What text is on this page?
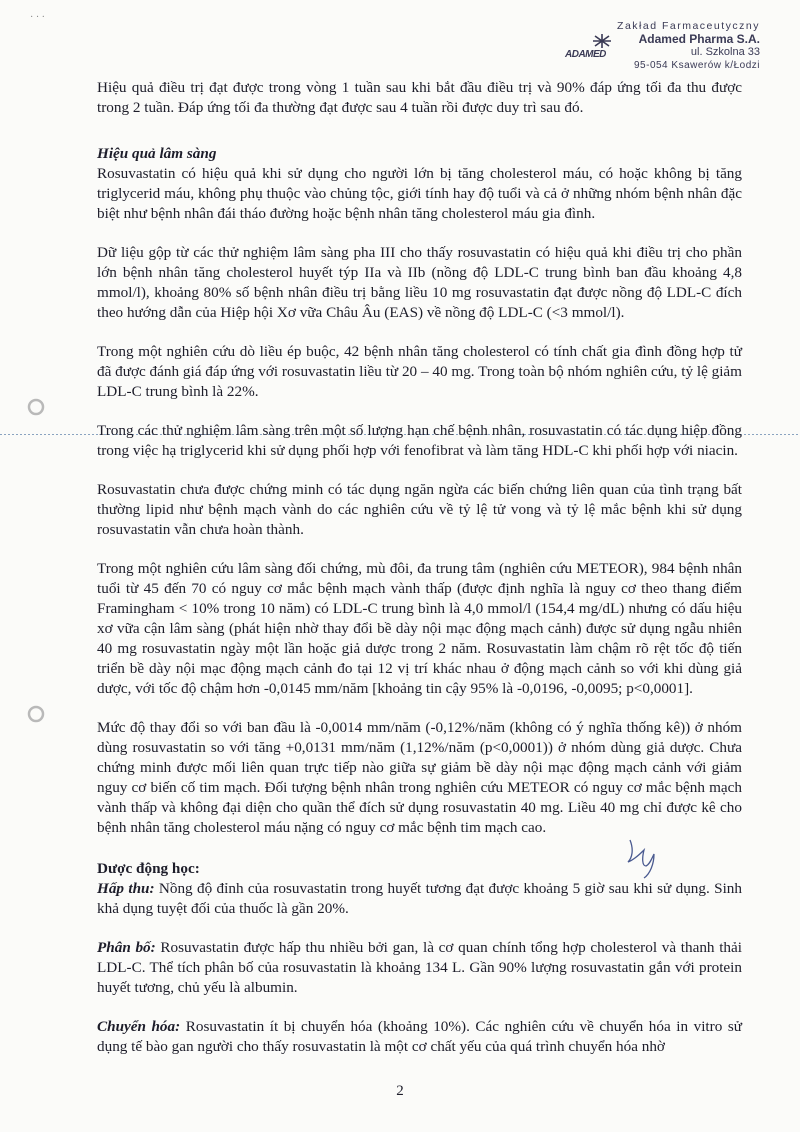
· · ·
ADAMED
Zakład Farmaceutyczny
Adamed Pharma S.A.
ul. Szkolna 33
95-054 Ksawerów k/Łodzi

Hiệu quả điều trị đạt được trong vòng 1 tuần sau khi bắt đầu điều trị và 90% đáp ứng tối đa thu được trong 2 tuần. Đáp ứng tối đa thường đạt được sau 4 tuần rồi được duy trì sau đó.

Hiệu quả lâm sàng

Rosuvastatin có hiệu quả khi sử dụng cho người lớn bị tăng cholesterol máu, có hoặc không bị tăng triglycerid máu, không phụ thuộc vào chủng tộc, giới tính hay độ tuổi và cả ở những nhóm bệnh nhân đặc biệt như bệnh nhân đái tháo đường hoặc bệnh nhân tăng cholesterol máu gia đình.

Dữ liệu gộp từ các thử nghiệm lâm sàng pha III cho thấy rosuvastatin có hiệu quả khi điều trị cho phần lớn bệnh nhân tăng cholesterol huyết týp IIa và IIb (nồng độ LDL-C trung bình ban đầu khoảng 4,8 mmol/l), khoảng 80% số bệnh nhân điều trị bằng liều 10 mg rosuvastatin đạt được nồng độ LDL-C đích theo hướng dẫn của Hiệp hội Xơ vữa Châu Âu (EAS) về nồng độ LDL-C (<3 mmol/l).

Trong một nghiên cứu dò liều ép buộc, 42 bệnh nhân tăng cholesterol có tính chất gia đình đồng hợp tử đã được đánh giá đáp ứng với rosuvastatin liều từ 20 – 40 mg. Trong toàn bộ nhóm nghiên cứu, tỷ lệ giảm LDL-C trung bình là 22%.

Trong các thử nghiệm lâm sàng trên một số lượng hạn chế bệnh nhân, rosuvastatin có tác dụng hiệp đồng trong việc hạ triglycerid khi sử dụng phối hợp với fenofibrat và làm tăng HDL-C khi phối hợp với niacin.

Rosuvastatin chưa được chứng minh có tác dụng ngăn ngừa các biến chứng liên quan của tình trạng bất thường lipid như bệnh mạch vành do các nghiên cứu về tỷ lệ tử vong và tỷ lệ mắc bệnh khi sử dụng rosuvastatin vẫn chưa hoàn thành.

Trong một nghiên cứu lâm sàng đối chứng, mù đôi, đa trung tâm (nghiên cứu METEOR), 984 bệnh nhân tuổi từ 45 đến 70 có nguy cơ mắc bệnh mạch vành thấp (được định nghĩa là nguy cơ theo thang điểm Framingham < 10% trong 10 năm) có LDL-C trung bình là 4,0 mmol/l (154,4 mg/dL) nhưng có dấu hiệu xơ vữa cận lâm sàng (phát hiện nhờ thay đổi bề dày nội mạc động mạch cảnh) được sử dụng ngẫu nhiên 40 mg rosuvastatin ngày một lần hoặc giả dược trong 2 năm. Rosuvastatin làm chậm rõ rệt tốc độ tiến triển bề dày nội mạc động mạch cảnh đo tại 12 vị trí khác nhau ở động mạch cảnh so với khi dùng giả dược, với tốc độ chậm hơn -0,0145 mm/năm [khoảng tin cậy 95% là -0,0196, -0,0095; p<0,0001].

Mức độ thay đổi so với ban đầu là -0,0014 mm/năm (-0,12%/năm (không có ý nghĩa thống kê)) ở nhóm dùng rosuvastatin so với tăng +0,0131 mm/năm (1,12%/năm (p<0,0001)) ở nhóm dùng giả dược. Chưa chứng minh được mối liên quan trực tiếp nào giữa sự giảm bề dày nội mạc động mạch cảnh với giảm nguy cơ biến cố tim mạch. Đối tượng bệnh nhân trong nghiên cứu METEOR có nguy cơ mắc bệnh mạch vành thấp và không đại diện cho quần thể đích sử dụng rosuvastatin 40 mg. Liều 40 mg chỉ được kê cho bệnh nhân tăng cholesterol máu nặng có nguy cơ mắc bệnh tim mạch cao.

Dược động học:

Hấp thu: Nồng độ đỉnh của rosuvastatin trong huyết tương đạt được khoảng 5 giờ sau khi sử dụng. Sinh khả dụng tuyệt đối của thuốc là gần 20%.

Phân bố: Rosuvastatin được hấp thu nhiều bởi gan, là cơ quan chính tổng hợp cholesterol và thanh thải LDL-C. Thể tích phân bố của rosuvastatin là khoảng 134 L. Gần 90% lượng rosuvastatin gắn với protein huyết tương, chủ yếu là albumin.

Chuyển hóa: Rosuvastatin ít bị chuyển hóa (khoảng 10%). Các nghiên cứu về chuyển hóa in vitro sử dụng tế bào gan người cho thấy rosuvastatin là một cơ chất yếu của quá trình chuyển hóa nhờ

2
